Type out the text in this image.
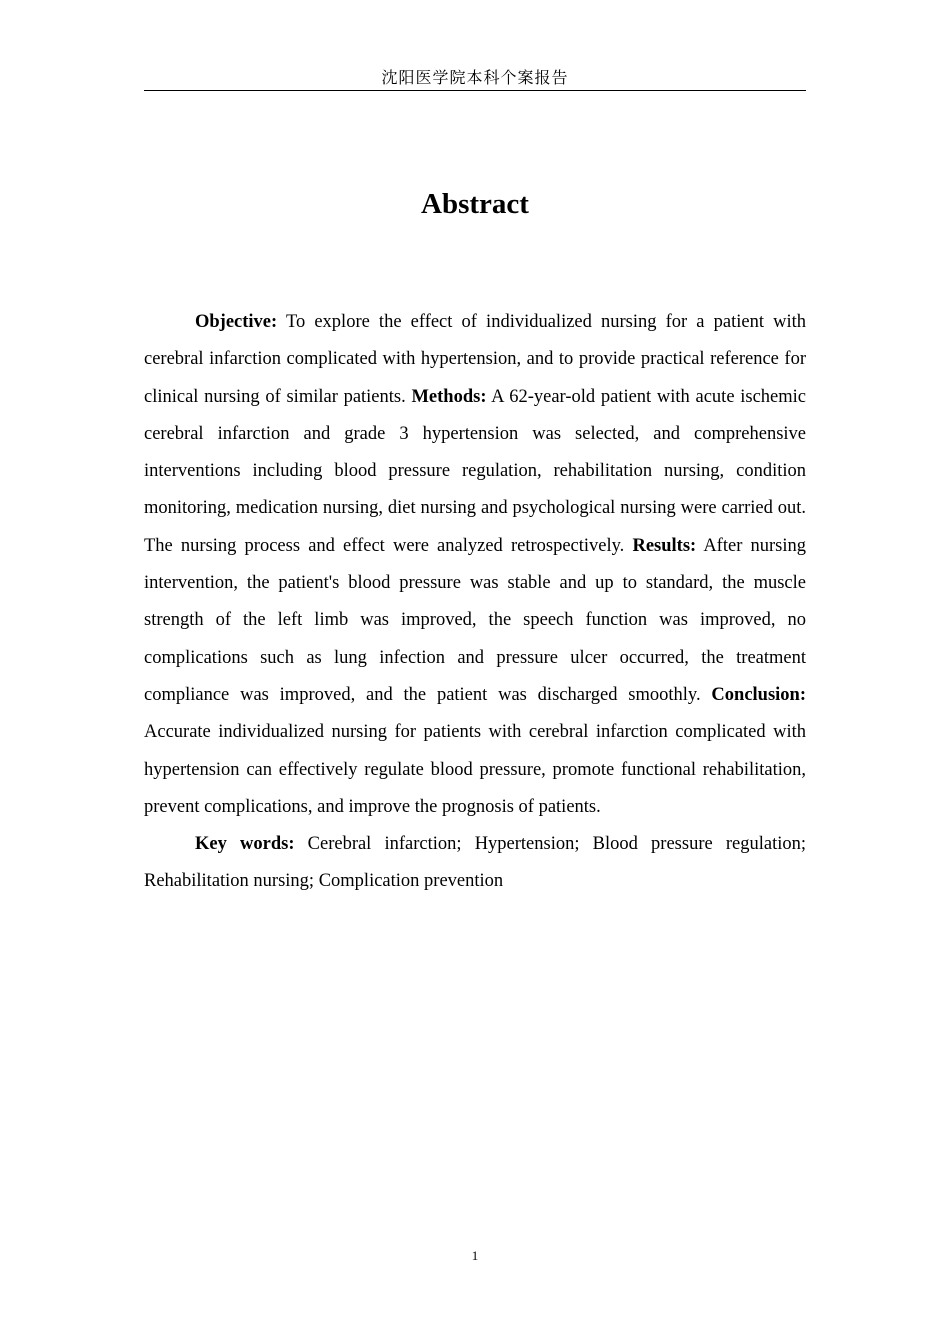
沈阳医学院本科个案报告
Abstract

Objective: To explore the effect of individualized nursing for a patient with cerebral infarction complicated with hypertension, and to provide practical reference for clinical nursing of similar patients. Methods: A 62-year-old patient with acute ischemic cerebral infarction and grade 3 hypertension was selected, and comprehensive interventions including blood pressure regulation, rehabilitation nursing, condition monitoring, medication nursing, diet nursing and psychological nursing were carried out. The nursing process and effect were analyzed retrospectively. Results: After nursing intervention, the patient's blood pressure was stable and up to standard, the muscle strength of the left limb was improved, the speech function was improved, no complications such as lung infection and pressure ulcer occurred, the treatment compliance was improved, and the patient was discharged smoothly. Conclusion: Accurate individualized nursing for patients with cerebral infarction complicated with hypertension can effectively regulate blood pressure, promote functional rehabilitation, prevent complications, and improve the prognosis of patients.

Key words: Cerebral infarction; Hypertension; Blood pressure regulation; Rehabilitation nursing; Complication prevention

1
